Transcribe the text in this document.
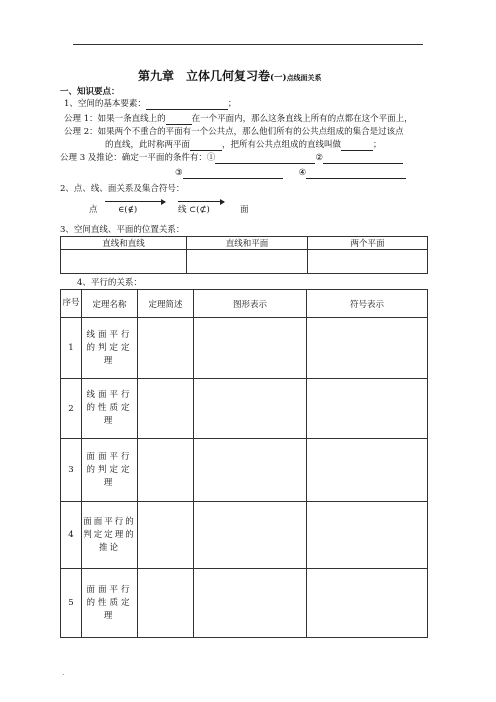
第九章　立体几何复习卷(一)点线面关系
一、知识要点：
1、空间的基本要素：	；
公理 1：如果一条直线上的	在一个平面内，那么这条直线上所有的点都在这个平面上，
公理 2：如果两个不重合的平面有一个公共点，那么他们所有的公共点组成的集合是过该点
的直线，此时称两平面	，把所有公共点组成的直线叫做	；
公理 3 及推论：确定一平面的条件有：①	②
③	④
2、点、线、面关系及集合符号：
点 ∈(∉)	线 ⊂(⊄)	面
3、空间直线、平面的位置关系：
直线和直线	直线和平面	两个平面

4、平行的关系：
序号	定理名称	定理简述	图形表示	符号表示
1	线面平行的判定定理			
2	线面平行的性质定理			
3	面面平行的判定定理			
4	面面平行的判定定理的推论			
5	面面平行的性质定理			
.
